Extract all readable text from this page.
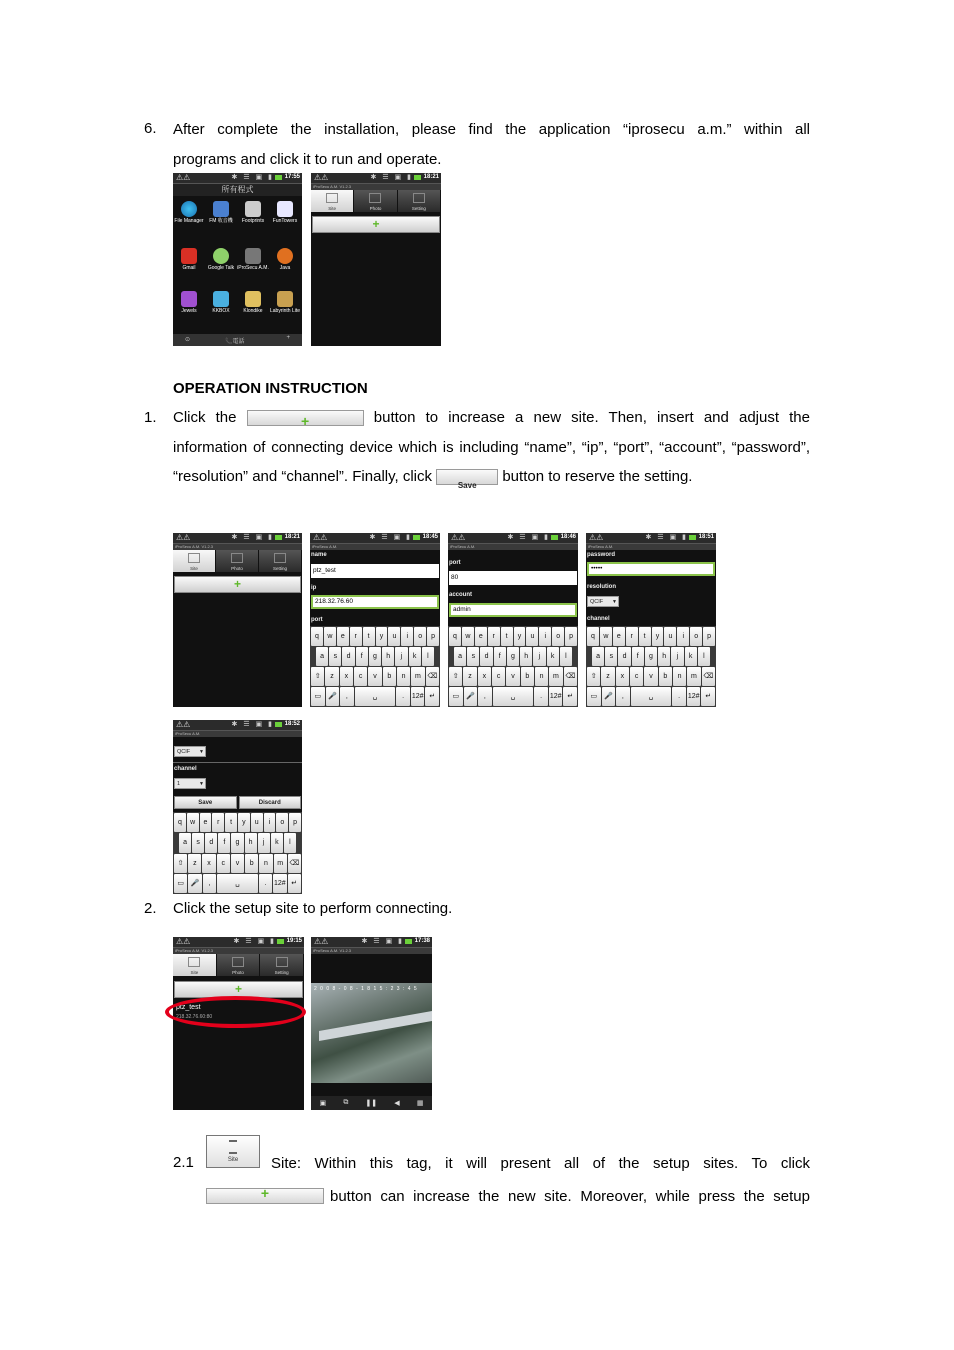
6. After complete the installation, please find the application “iprosecu a.m.” within all
programs and click it to run and operate.
⚠⚠	✱ ☰ ▣ ▮ 17:55
所有程式
File Manager	FM 收音機	Footprints	FunTowers
Gmail	Google Talk iProSecu A.M.	Java
Jewels	KKBOX	Klondike	Labyrinth Lite
⊙	📞電話
+
⚠⚠	✱ ☰ ▣ ▮ 18:21
iProSecu A.M. V1.2.3
Site	Photo	Setting
+
OPERATION INSTRUCTION
1. Click the	+	button to increase a new site. Then, insert and adjust the information of connecting device which is including “name”, “ip”, “port”, “account”, “password”, “resolution” and “channel”. Finally, click
Save
button to reserve the setting.
⚠⚠	✱ ☰ ▣ ▮ 18:21
iProSecu A.M. V1.2.3
Site	Photo	Setting
+
⚠⚠	✱ ☰ ▣ ▮ 18:45
iProSecu A.M.
name
ptz_test
ip
218.32.76.60
port
q	w	e	r	t	y	u	i	o	p
a	s	d	f	g	h	j	k	l
⇧	z	x	c	v	b	n	m ⌫
▭ 🎤	,	␣	.	12# ↵
⚠⚠	✱ ☰ ▣ ▮ 18:46
iProSecu A.M.
port
80
account
admin
q	w	e	r	t	y	u	i	o	p
a	s	d	f	g	h	j	k	l
⇧	z	x	c	v	b	n	m ⌫
▭ 🎤	,	␣	.	12# ↵
⚠⚠	✱ ☰ ▣ ▮ 18:51
iProSecu A.M.
password
•••••
resolution
QCIF ▼
channel
q	w	e	r	t	y	u	i	o	p
a	s	d	f	g	h	j	k	l
⇧	z	x	c	v	b	n	m ⌫
▭ 🎤	,	␣	.	12# ↵
⚠⚠	✱ ☰ ▣ ▮ 18:52
iProSecu A.M.
QCIF ▼
channel
1 ▼
Save	Discard
q	w	e	r	t	y	u	i	o	p
a	s	d	f	g	h	j	k	l
⇧	z	x	c	v	b	n	m ⌫
▭ 🎤	,	␣	.	12# ↵
2. Click the setup site to perform connecting.
⚠⚠	✱ ☰ ▣ ▮ 19:15
iProSecu A.M. V1.2.3
Site	Photo	Setting
+
ptz_test
218.32.76.60:80
⚠⚠	✱ ☰ ▣ ▮ 17:38
iProSecu A.M. V1.2.3
2 0 0 8 - 0 8 - 1 8 1 5 : 2 3 : 4 5
▣ ⧉ ❚❚ ◀ ▦
2.1	Site	Site: Within this tag, it will present all of the setup sites. To click
+	button can increase the new site. Moreover, while press the setup
